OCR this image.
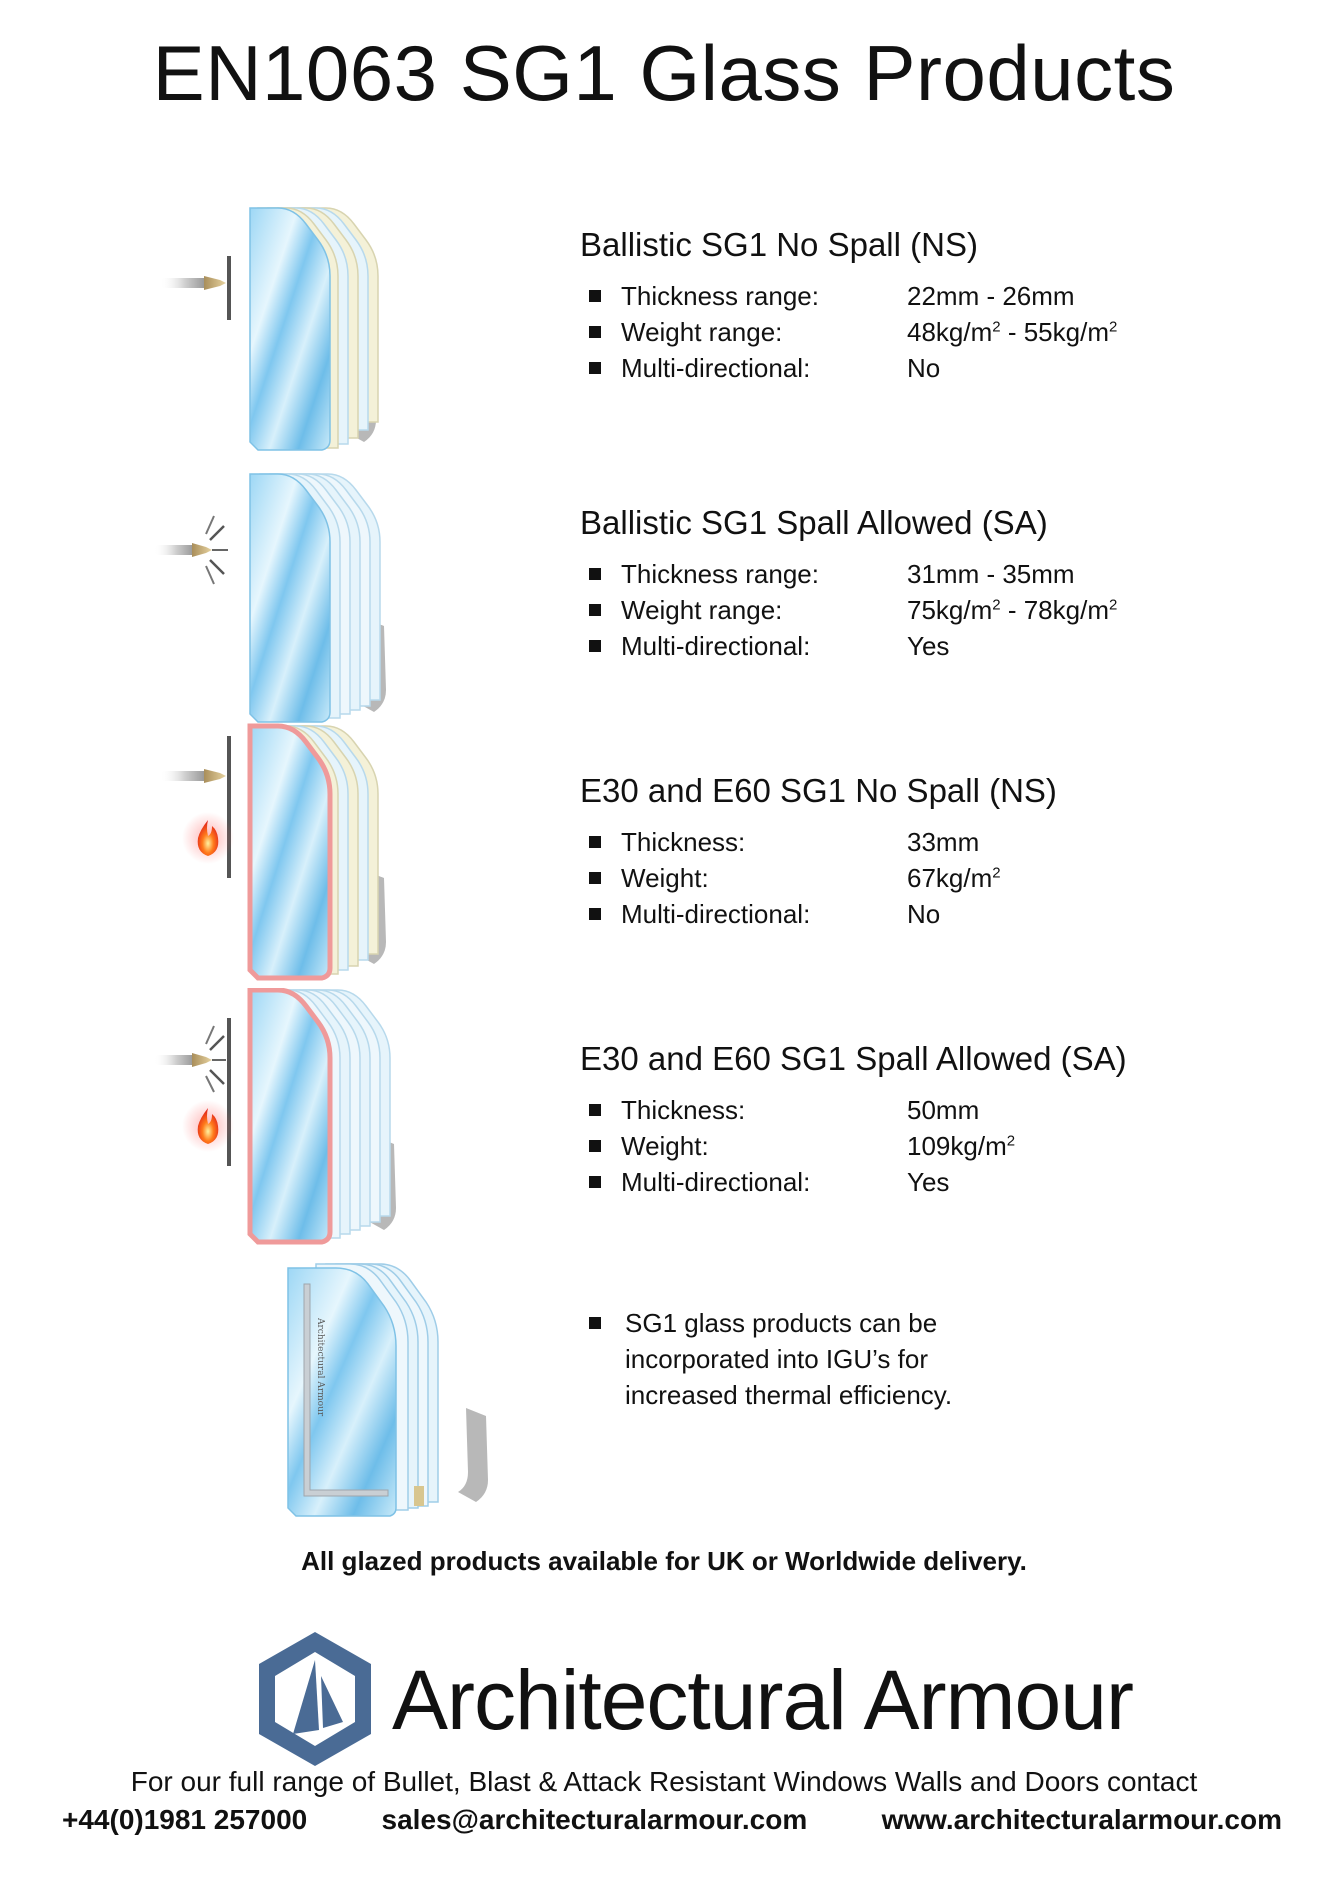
EN1063 SG1 Glass Products
Ballistic SG1 No Spall (NS)
Thickness range:	22mm - 26mm
Weight range:	$48kg/m^2 - 55kg/m^2$
Multi-directional:	No
Ballistic SG1 Spall Allowed (SA)
Thickness range:	31mm - 35mm
Weight range:	$75kg/m^2 - 78kg/m^2$
Multi-directional:	Yes
E30 and E60 SG1 No Spall (NS)
Thickness:	33mm
Weight:	$67kg/m^2$
Multi-directional:	No
E30 and E60 SG1 Spall Allowed (SA)
Thickness:	50mm
Weight:	$109kg/m^2$
Multi-directional:	Yes
Architectural Armour	SG1 glass products can be
incorporated into IGU’s for
increased thermal efficiency.
All glazed products available for UK or Worldwide delivery.
Architectural Armour
For our full range of Bullet, Blast & Attack Resistant Windows Walls and Doors contact
+44(0)1981 257000	sales@architecturalarmour.com	www.architecturalarmour.com
